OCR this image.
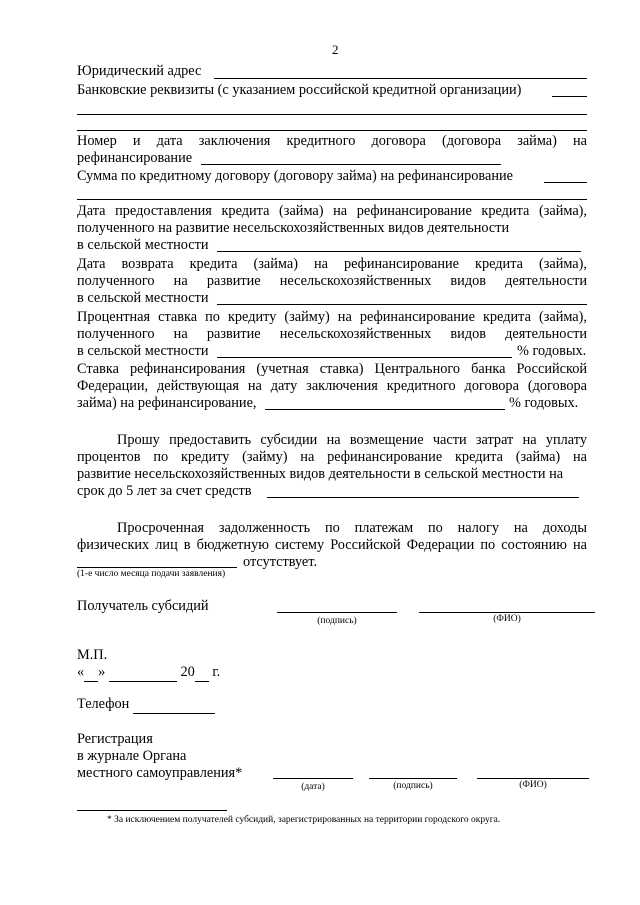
2
Юридический адрес
Банковские реквизиты (с указанием российской кредитной организации)
Номер и дата заключения кредитного договора (договора займа) на
рефинансирование
Сумма по кредитному договору (договору займа) на рефинансирование
Дата предоставления кредита (займа) на рефинансирование кредита (займа),
полученного на развитие несельскохозяйственных видов деятельности
в сельской местности
Дата возврата кредита (займа) на рефинансирование кредита (займа),
полученного на развитие несельскохозяйственных видов деятельности
в сельской местности
Процентная ставка по кредиту (займу) на рефинансирование кредита (займа),
полученного на развитие несельскохозяйственных видов деятельности
в сельской местности	% годовых.
Ставка рефинансирования (учетная ставка) Центрального банка Российской
Федерации, действующая на дату заключения кредитного договора (договора
займа) на рефинансирование,	% годовых.
Прошу предоставить субсидии на возмещение части затрат на уплату
процентов по кредиту (займу) на рефинансирование кредита (займа) на
развитие несельскохозяйственных видов деятельности в сельской местности на
срок до 5 лет за счет средств
Просроченная задолженность по платежам по налогу на доходы
физических лиц в бюджетную систему Российской Федерации по состоянию на
отсутствует.
(1-е число месяца подачи заявления)
Получатель субсидий
(подпись)	(ФИО)
М.П.
« »	20 г.
Телефон
Регистрация
в журнале Органа
местного самоуправления*
(дата)	(подпись)	(ФИО)
* За исключением получателей субсидий, зарегистрированных на территории городского округа.
